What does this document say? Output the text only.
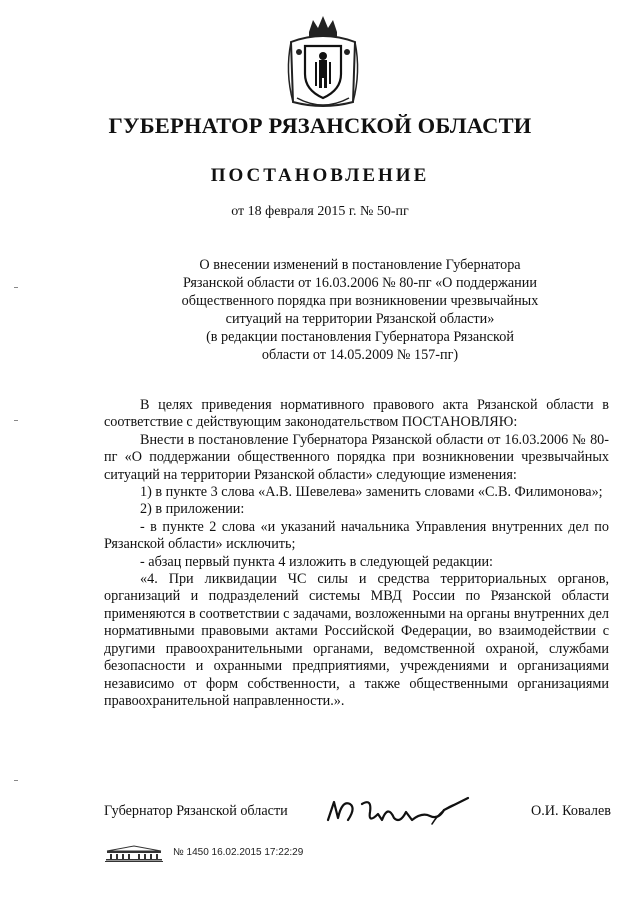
ГУБЕРНАТОР РЯЗАНСКОЙ ОБЛАСТИ
ПОСТАНОВЛЕНИЕ
от 18 февраля 2015 г. № 50-пг
О внесении изменений в постановление Губернатора
Рязанской области от 16.03.2006 № 80-пг «О поддержании
общественного порядка при возникновении чрезвычайных
ситуаций на территории Рязанской области»
(в редакции постановления Губернатора Рязанской
области от 14.05.2009 № 157-пг)

В целях приведения нормативного правового акта Рязанской области в соответствие с действующим законодательством ПОСТАНОВЛЯЮ:

Внести в постановление Губернатора Рязанской области от 16.03.2006 № 80-пг «О поддержании общественного порядка при возникновении чрезвычайных ситуаций на территории Рязанской области» следующие изменения:

1) в пункте 3 слова «А.В. Шевелева» заменить словами «С.В. Филимонова»;

2) в приложении:

- в пункте 2 слова «и указаний начальника Управления внутренних дел по Рязанской области» исключить;

- абзац первый пункта 4 изложить в следующей редакции:

«4. При ликвидации ЧС силы и средства территориальных органов, организаций и подразделений системы МВД России по Рязанской области применяются в соответствии с задачами, возложенными на органы внутренних дел нормативными правовыми актами Российской Федерации, во взаимодействии с другими правоохранительными органами, ведомственной охраной, службами безопасности и охранными предприятиями, учреждениями и организациями независимо от форм собственности, а также общественными организациями правоохранительной направленности.».

Губернатор Рязанской области	О.И. Ковалев
№ 1450 16.02.2015 17:22:29
